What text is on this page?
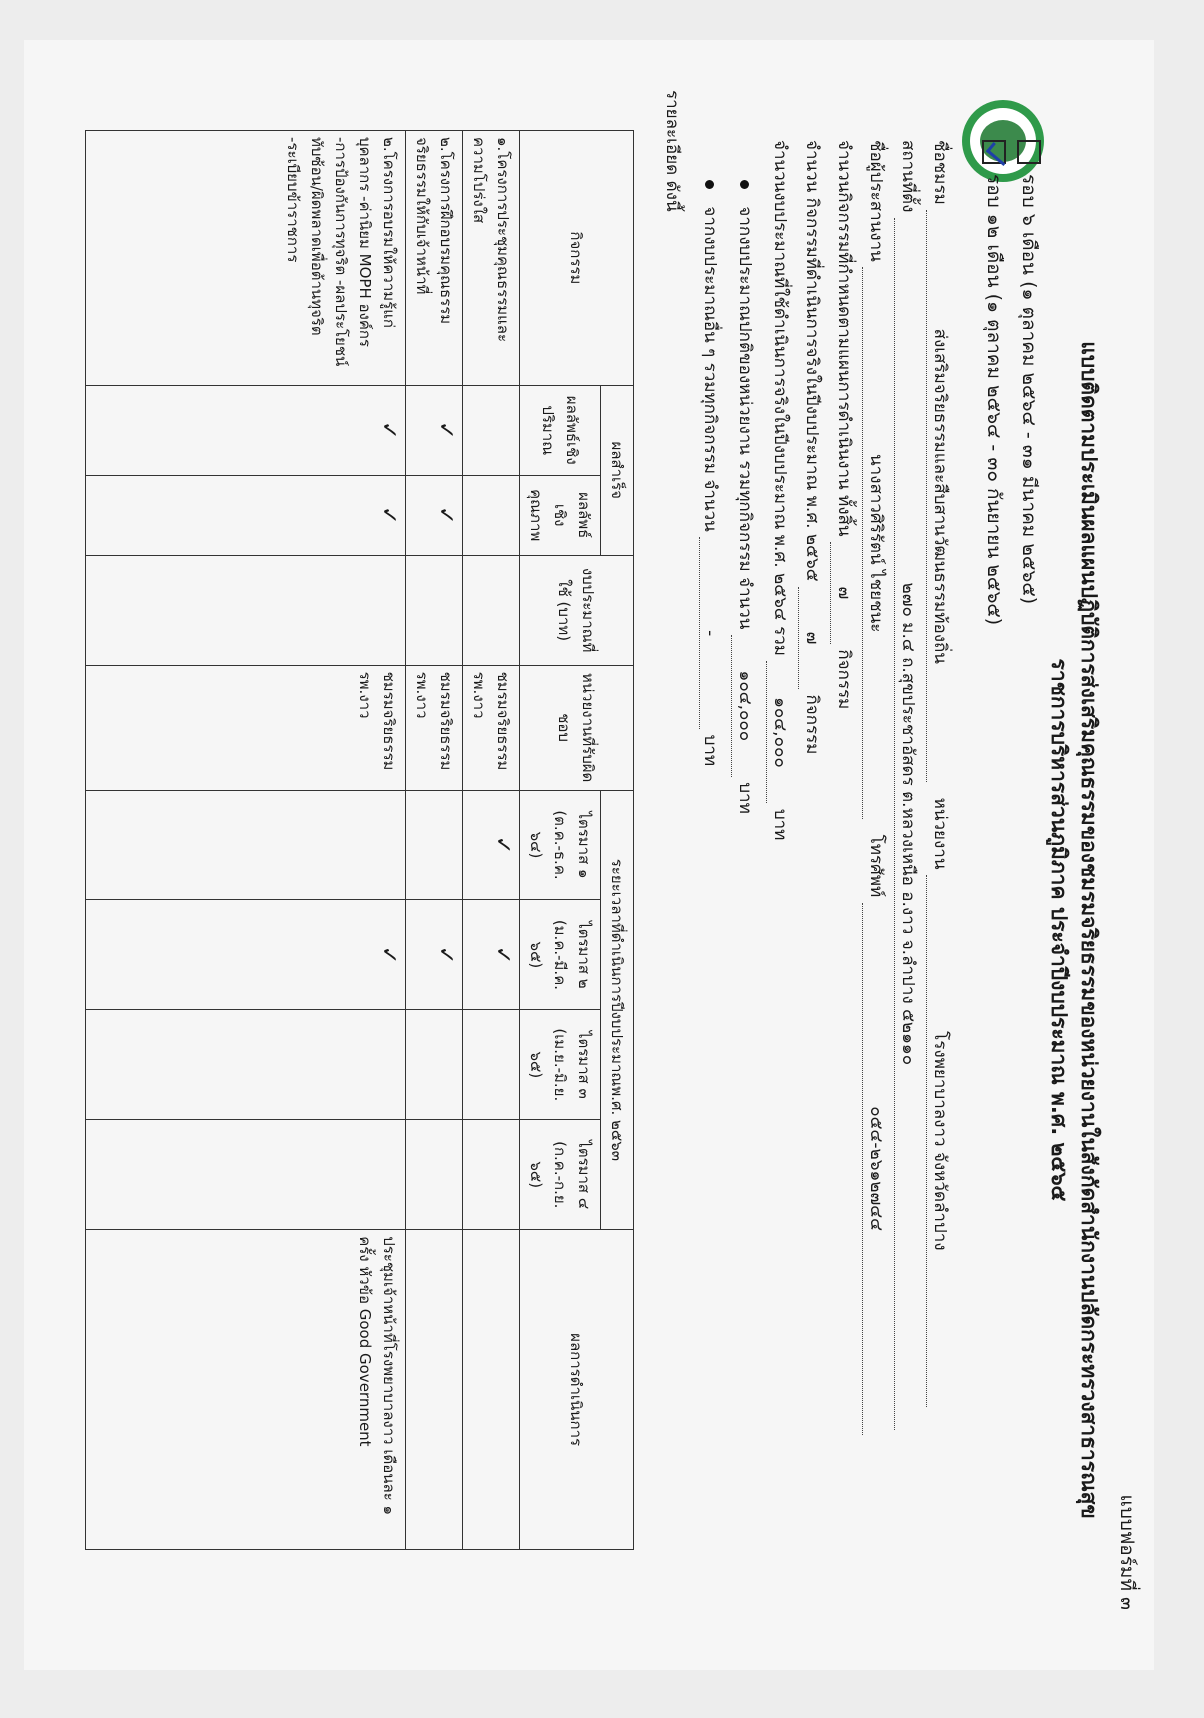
แบบฟอร์มที่ ๓
แบบติดตามประเมินผลแผนปฏิบัติการส่งเสริมคุณธรรมของชมรมจริยธรรมของหน่วยงานในสังกัดสำนักงานปลัดกระทรวงสาธารณสุข
ราชการบริหารส่วนภูมิภาค ประจำปีงบประมาณ พ.ศ. ๒๕๖๕
รอบ ๖ เดือน (๑ ตุลาคม ๒๕๖๔ - ๓๑ มีนาคม ๒๕๖๕)
รอบ ๑๒ เดือน (๑ ตุลาคม ๒๕๖๔ - ๓๐ กันยายน ๒๕๖๕)
ชื่อชมรม ส่งเสริมจริยธรรมและสืบสานวัฒนธรรมท้องถิ่น หน่วยงาน โรงพยาบาลงาว จังหวัดลำปาง
สถานที่ตั้ง ๒๗๐ ม.๔ ถ.สุขประชาอัสดร ต.หลวงเหนือ อ.งาว จ.ลำปาง ๕๒๑๑๐
ชื่อผู้ประสานงาน นางสาวศิริรัตน์ ไชยชนะ โทรศัพท์ ๐๕๔-๒๖๑๒๗๔๔
จำนวนกิจกรรมที่กำหนดตามแผนการดำเนินงาน ทั้งสิ้น ๗ กิจกรรม
จำนวน กิจกรรมที่ดำเนินการจริงในปีงบประมาณ พ.ศ. ๒๕๖๕ ๗ กิจกรรม
จำนวนงบประมาณที่ใช้ดำเนินการจริงในปีงบประมาณ พ.ศ. ๒๕๖๔ รวม ๑๐๔,๐๐๐ บาท
จากงบประมาณปกติของหน่วยงาน รวมทุกกิจกรรม จำนวน ๑๐๔,๐๐๐ บาท
จากงบประมาณอื่น ๆ รวมทุกกิจกรรม จำนวน - บาท
รายละเอียด ดังนี้
กิจกรรม	ผลสำเร็จ		งบประมาณที่ใช้ (บาท)	หน่วยงานที่รับผิดชอบ	ระยะเวลาที่ดำเนินการปีงบประมาณพ.ศ. ๒๕๖๓				ผลการดำเนินการ
	ผลลัพธ์เชิงปริมาณ	ผลลัพธ์เชิงคุณภาพ			ไตรมาส ๑ (ต.ค.-ธ.ค. ๖๔)	ไตรมาส ๒ (ม.ค.-มี.ค. ๖๕)	ไตรมาส ๓ (เม.ย.-มิ.ย. ๖๕)	ไตรมาส ๔ (ก.ค.-ก.ย. ๖๕)	

๑.โครงการประชุมคุณธรรมและความโปร่งใส				ชมรมจริยธรรม รพ.งาว	✓	✓			
๒.โครงการฝึกอบรมคุณธรรมจริยธรรมให้กับเจ้าหน้าที่	✓	✓		ชมรมจริยธรรม รพ.งาว		✓			
๒.โครงการอบรมให้ความรู้แก่บุคลากร -ค่านิยม MOPH องค์กร -การป้องกันการทุจริต -ผลประโยชน์ทับซ้อน/ผิดพลาดเพื่อต้านทุจริต -ระเบียบข้าราชการ	✓	✓		ชมรมจริยธรรม รพ.งาว		✓			ประชุมเจ้าหน้าที่โรงพยาบาลงาว เดือนละ ๑ ครั้ง หัวข้อ Good Government
